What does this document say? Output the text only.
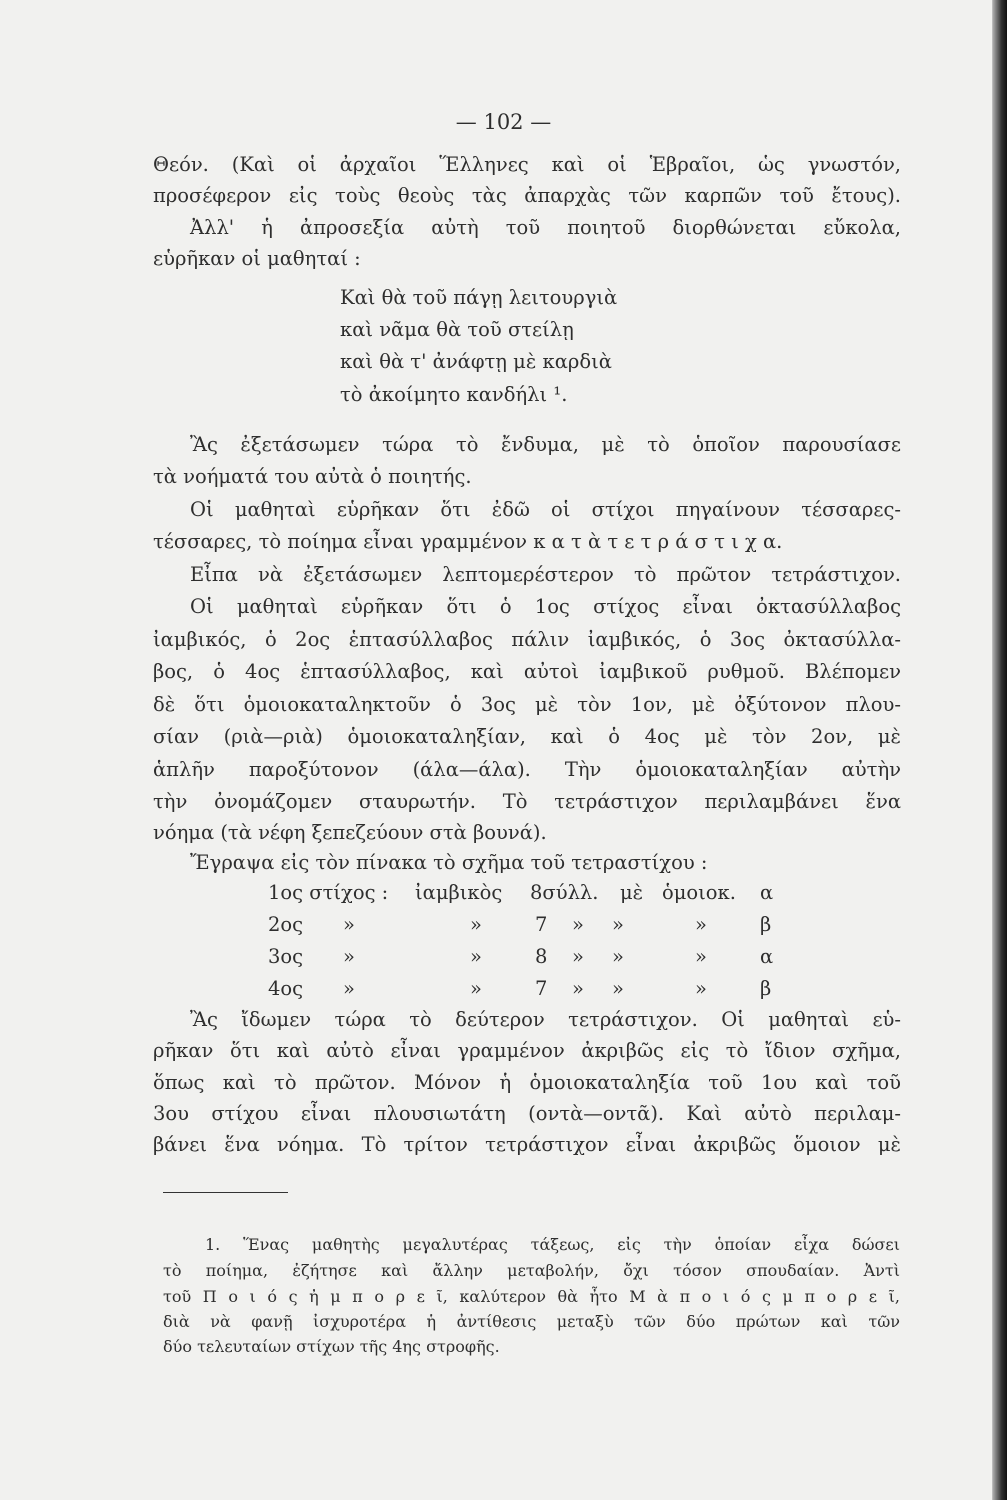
— 102 —
Θεόν. (Καὶ οἱ ἀρχαῖοι Ἕλληνες καὶ οἱ Ἑβραῖοι, ὡς γνωστόν,
προσέφερον εἰς τοὺς θεοὺς τὰς ἀπαρχὰς τῶν καρπῶν τοῦ ἔτους).
Ἀλλ' ἡ ἀπροσεξία αὐτὴ τοῦ ποιητοῦ διορθώνεται εὔκολα,
εὑρῆκαν οἱ μαθηταί :
Καὶ θὰ τοῦ πάγῃ λειτουργιὰ
καὶ νᾶμα θὰ τοῦ στείλῃ
καὶ θὰ τ' ἀνάφτῃ μὲ καρδιὰ
τὸ ἀκοίμητο κανδήλι ¹.
Ἂς ἐξετάσωμεν τώρα τὸ ἔνδυμα, μὲ τὸ ὁποῖον παρουσίασε
τὰ νοήματά του αὐτὰ ὁ ποιητής.
Οἱ μαθηταὶ εὑρῆκαν ὅτι ἐδῶ οἱ στίχοι πηγαίνουν τέσσαρες-
τέσσαρες, τὸ ποίημα εἶναι γραμμένον κ α τ ὰ τ ε τ ρ ά σ τ ι χ α.
Εἶπα νὰ ἐξετάσωμεν λεπτομερέστερον τὸ πρῶτον τετράστιχον.
Οἱ μαθηταὶ εὑρῆκαν ὅτι ὁ 1ος στίχος εἶναι ὀκτασύλλαβος
ἰαμβικός, ὁ 2ος ἑπτασύλλαβος πάλιν ἰαμβικός, ὁ 3ος ὀκτασύλλα-
βος, ὁ 4ος ἑπτασύλλαβος, καὶ αὐτοὶ ἰαμβικοῦ ρυθμοῦ. Βλέπομεν
δὲ ὅτι ὁμοιοκαταληκτοῦν ὁ 3ος μὲ τὸν 1ον, μὲ ὀξύτονον πλου-
σίαν (ριὰ—ριὰ) ὁμοιοκαταληξίαν, καὶ ὁ 4ος μὲ τὸν 2ον, μὲ
ἁπλῆν παροξύτονον (άλα—άλα). Τὴν ὁμοιοκαταληξίαν αὐτὴν
τὴν ὀνομάζομεν σταυρωτήν. Τὸ τετράστιχον περιλαμβάνει ἕνα
νόημα (τὰ νέφη ξεπεζεύουν στὰ βουνά).
Ἔγραψα εἰς τὸν πίνακα τὸ σχῆμα τοῦ τετραστίχου :
1ος στίχος : ἰαμβικὸς 8σύλλ. μὲ ὁμοιοκ. α
2ος »	»	7 » »	»	β
3ος »	»	8 » »	»	α
4ος »	»	7 » »	»	β
Ἂς ἴδωμεν τώρα τὸ δεύτερον τετράστιχον. Οἱ μαθηταὶ εὑ-
ρῆκαν ὅτι καὶ αὐτὸ εἶναι γραμμένον ἀκριβῶς εἰς τὸ ἴδιον σχῆμα,
ὅπως καὶ τὸ πρῶτον. Μόνον ἡ ὁμοιοκαταληξία τοῦ 1ου καὶ τοῦ
3ου στίχου εἶναι πλουσιωτάτη (οντὰ—οντᾶ). Καὶ αὐτὸ περιλαμ-
βάνει ἕνα νόημα. Τὸ τρίτον τετράστιχον εἶναι ἀκριβῶς ὅμοιον μὲ
1. Ἕνας μαθητὴς μεγαλυτέρας τάξεως, εἰς τὴν ὁποίαν εἶχα δώσει
τὸ ποίημα, ἐζήτησε καὶ ἄλλην μεταβολήν, ὄχι τόσον σπουδαίαν. Ἀντὶ
τοῦ Π ο ι ό ς ἠ μ π ο ρ ε ῖ, καλύτερον θὰ ἦτο Μ ὰ π ο ι ό ς μ π ο ρ ε ῖ,
διὰ νὰ φανῇ ἰσχυροτέρα ἡ ἀντίθεσις μεταξὺ τῶν δύο πρώτων καὶ τῶν
δύο τελευταίων στίχων τῆς 4ης στροφῆς.
